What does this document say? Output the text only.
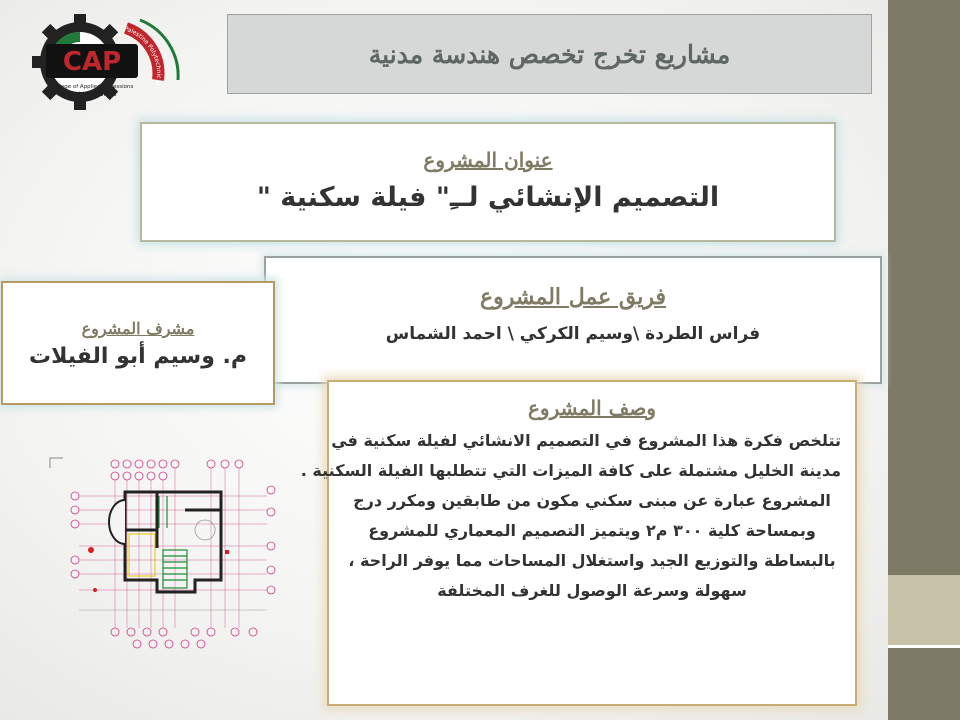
CAP
College of Applied Professions
كلية المهن التطبيقية
Palestine Polytechnic U
مشاريع تخرج تخصص هندسة مدنية
عنوان المشروع
التصميم الإنشائي لــِ" فيلة سكنية "
فريق عمل المشروع
فراس الطردة \وسيم الكركي \ احمد الشماس
مشرف المشروع
م. وسيم أبو الفيلات
وصف المشروع
تتلخص فكرة هذا المشروع في التصميم الانشائي لفيلة سكنية في
مدينة الخليل مشتملة على كافة الميزات التي تتطلبها الفيلة السكنية .
المشروع عبارة عن مبنى سكني مكون من طابقين ومكرر درج
وبمساحة كلية ٣٠٠ م٢ ويتميز التصميم المعماري للمشروع
بالبساطة والتوزيع الجيد واستغلال المساحات مما يوفر الراحة ،
سهولة وسرعة الوصول للغرف المختلفة
